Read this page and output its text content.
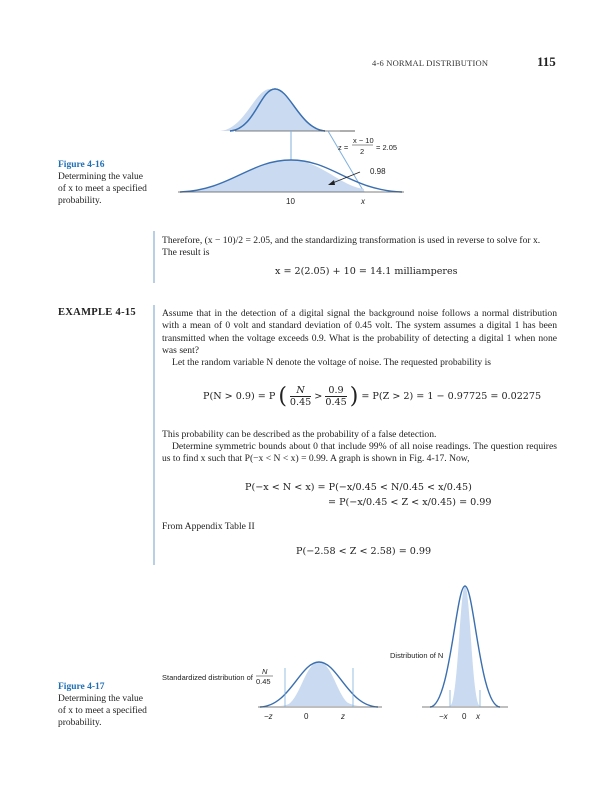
4-6 NORMAL DISTRIBUTION	115
0.98
10	x
z =
x − 10
2 = 2.05
Figure 4-16 Determining the value of x to meet a specified probability.
Therefore, (x − 10)/2 = 2.05, and the standardizing transformation is used in reverse to solve for x. The result is
x = 2(2.05) + 10 = 14.1 milliamperes
EXAMPLE 4-15	Assume that in the detection of a digital signal the background noise follows a normal distribution with a mean of 0 volt and standard deviation of 0.45 volt. The system assumes a digital 1 has been transmitted when the voltage exceeds 0.9. What is the probability of detecting a digital 1 when none was sent?
Let the random variable N denote the voltage of noise. The requested probability is
P(N > 0.9) = P ( $\frac{N}{0.45} > \frac{0.9}{0.45}$ ) = P(Z > 2) = 1 − 0.97725 = 0.02275
This probability can be described as the probability of a false detection.
Determine symmetric bounds about 0 that include 99% of all noise readings. The question requires us to find x such that P(−x < N < x) = 0.99. A graph is shown in Fig. 4-17. Now,
P(−x < N < x) = P(−x/0.45 < N/0.45 < x/0.45)
= P(−x/0.45 < Z < x/0.45) = 0.99
From Appendix Table II
P(−2.58 < Z < 2.58) = 0.99
−z	0	z
Standardized distribution of
N
0.45
−x 0 x
Distribution of N
Figure 4-17 Determining the value of x to meet a specified probability.
